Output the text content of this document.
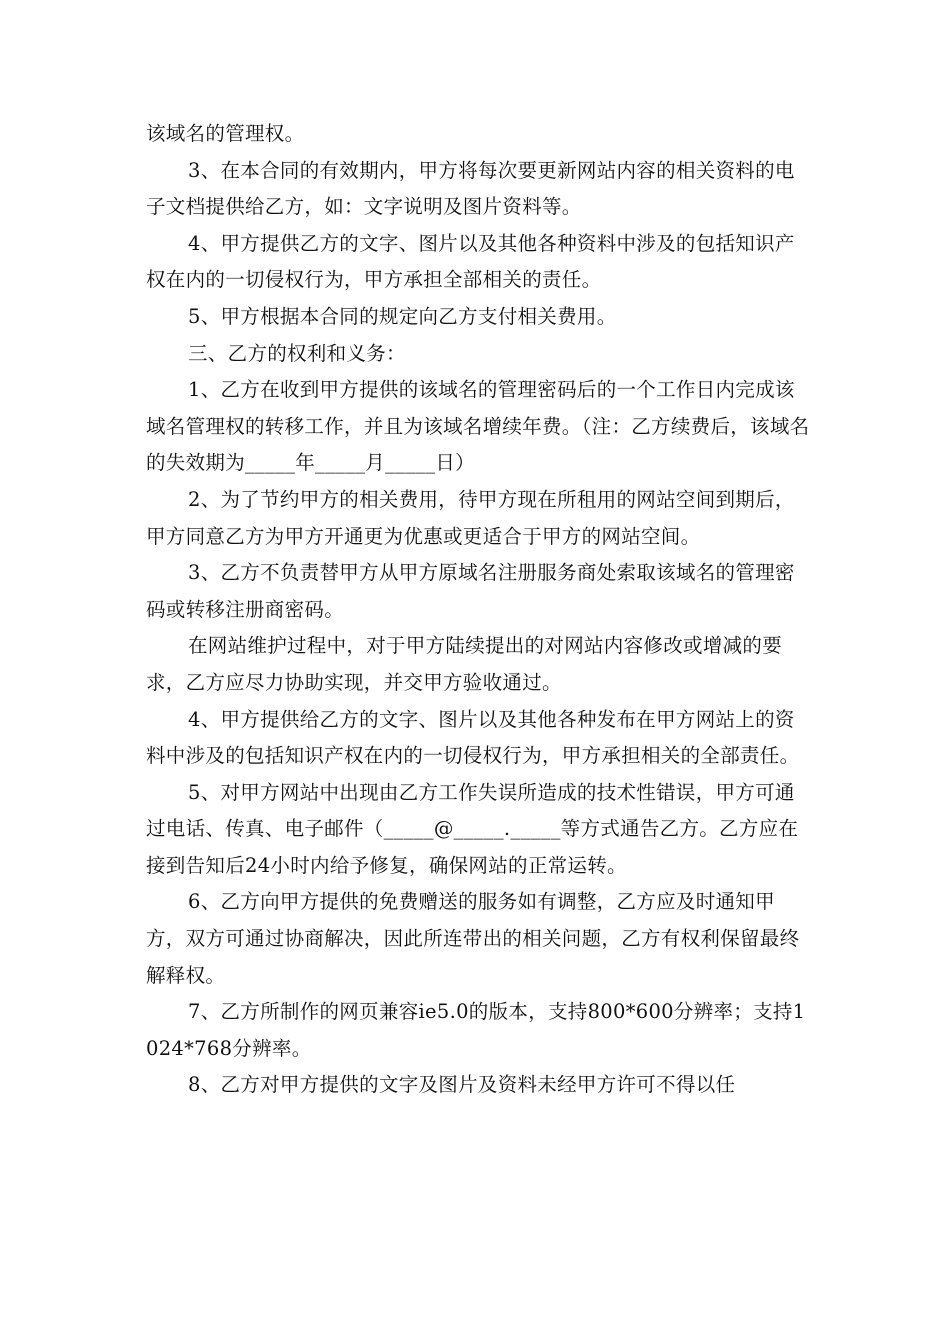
该域名的管理权。

3、在本合同的有效期内，甲方将每次要更新网站内容的相关资料的电子文档提供给乙方，如：文字说明及图片资料等。

4、甲方提供乙方的文字、图片以及其他各种资料中涉及的包括知识产权在内的一切侵权行为，甲方承担全部相关的责任。

5、甲方根据本合同的规定向乙方支付相关费用。

三、乙方的权利和义务：

1、乙方在收到甲方提供的该域名的管理密码后的一个工作日内完成该域名管理权的转移工作，并且为该域名增续年费。（注：乙方续费后，该域名的失效期为_____年_____月_____日）

2、为了节约甲方的相关费用，待甲方现在所租用的网站空间到期后，甲方同意乙方为甲方开通更为优惠或更适合于甲方的网站空间。

3、乙方不负责替甲方从甲方原域名注册服务商处索取该域名的管理密码或转移注册商密码。

在网站维护过程中，对于甲方陆续提出的对网站内容修改或增减的要求，乙方应尽力协助实现，并交甲方验收通过。

4、甲方提供给乙方的文字、图片以及其他各种发布在甲方网站上的资料中涉及的包括知识产权在内的一切侵权行为，甲方承担相关的全部责任。

5、对甲方网站中出现由乙方工作失误所造成的技术性错误，甲方可通过电话、传真、电子邮件（_____@_____._____等方式通告乙方。乙方应在接到告知后24小时内给予修复，确保网站的正常运转。

6、乙方向甲方提供的免费赠送的服务如有调整，乙方应及时通知甲方，双方可通过协商解决，因此所连带出的相关问题，乙方有权利保留最终解释权。

7、乙方所制作的网页兼容ie5.0的版本，支持800*600分辨率；支持1024*768分辨率。

8、乙方对甲方提供的文字及图片及资料未经甲方许可不得以任
